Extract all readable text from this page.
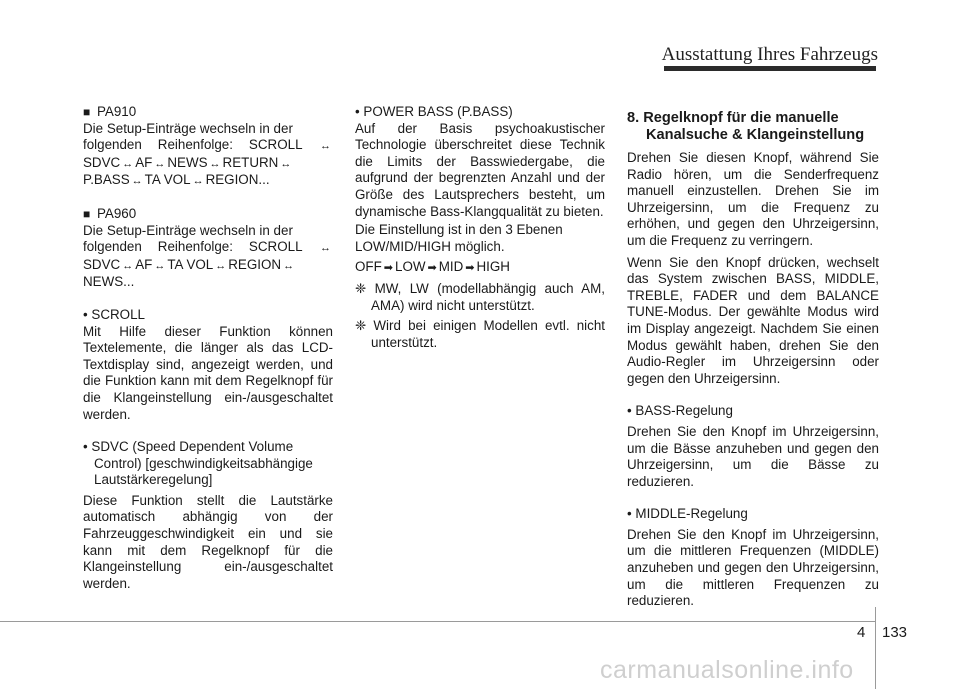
Ausstattung Ihres Fahrzeugs

■ PA910

Die Setup-Einträge wechseln in der

folgenden Reihenfolge: SCROLL ↔

SDVC ↔ AF ↔ NEWS ↔ RETURN ↔

P.BASS ↔ TA VOL ↔ REGION...

■ PA960

Die Setup-Einträge wechseln in der

folgenden Reihenfolge: SCROLL ↔

SDVC ↔ AF ↔ TA VOL ↔ REGION ↔

NEWS...

• SCROLL

Mit Hilfe dieser Funktion können Textelemente, die länger als das LCD-Textdisplay sind, angezeigt werden, und die Funktion kann mit dem Regelknopf für die Klangeinstellung ein-/ausgeschaltet werden.

• SDVC (Speed Dependent Volume

Control) [geschwindigkeitsabhängige

Lautstärkeregelung]

Diese Funktion stellt die Lautstärke automatisch abhängig von der Fahrzeuggeschwindigkeit ein und sie kann mit dem Regelknopf für die Klangeinstellung ein-/ausgeschaltet werden.

• POWER BASS (P.BASS)

Auf der Basis psychoakustischer Technologie überschreitet diese Technik die Limits der Basswiedergabe, die aufgrund der begrenzten Anzahl und der Größe des Lautsprechers besteht, um dynamische Bass-Klangqualität zu bieten.

Die Einstellung ist in den 3 Ebenen LOW/MID/HIGH möglich.

OFF ➡ LOW ➡ MID ➡ HIGH

❈ MW, LW (modellabhängig auch AM, AMA) wird nicht unterstützt.

❈ Wird bei einigen Modellen evtl. nicht unterstützt.

8. Regelknopf für die manuelle
Kanalsuche & Klangeinstellung

Drehen Sie diesen Knopf, während Sie Radio hören, um die Senderfrequenz manuell einzustellen. Drehen Sie im Uhrzeigersinn, um die Frequenz zu erhöhen, und gegen den Uhrzeigersinn, um die Frequenz zu verringern.

Wenn Sie den Knopf drücken, wechselt das System zwischen BASS, MIDDLE, TREBLE, FADER und dem BALANCE TUNE-Modus. Der gewählte Modus wird im Display angezeigt. Nachdem Sie einen Modus gewählt haben, drehen Sie den Audio-Regler im Uhrzeigersinn oder gegen den Uhrzeigersinn.

• BASS-Regelung

Drehen Sie den Knopf im Uhrzeigersinn, um die Bässe anzuheben und gegen den Uhrzeigersinn, um die Bässe zu reduzieren.

• MIDDLE-Regelung

Drehen Sie den Knopf im Uhrzeigersinn, um die mittleren Frequenzen (MIDDLE) anzuheben und gegen den Uhrzeigersinn, um die mittleren Frequenzen zu reduzieren.

4 133
carmanualsonline.info
